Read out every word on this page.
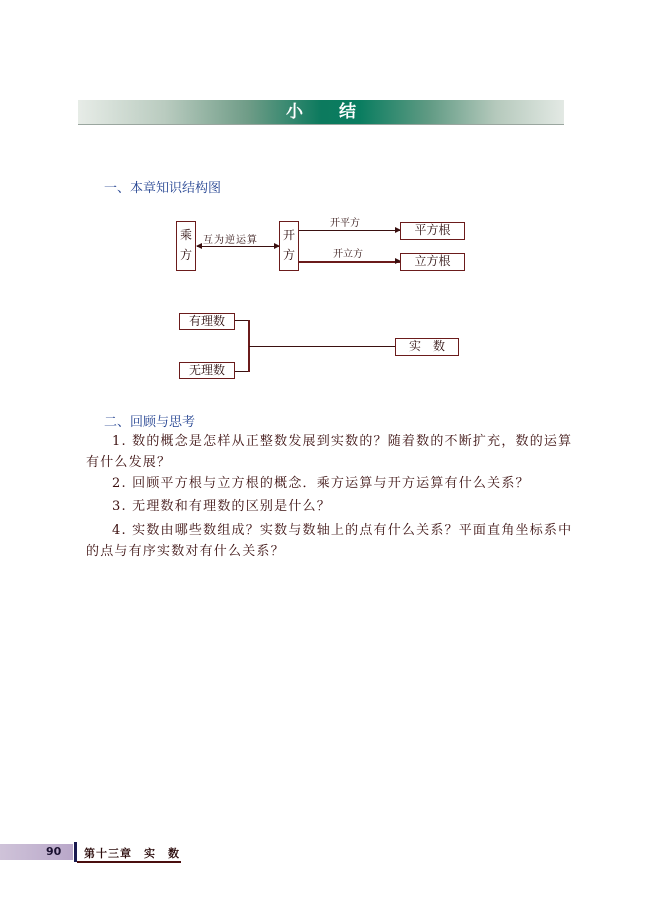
小结
一、本章知识结构图
乘
方
互为逆运算 开
方
开平方	平方根
开立方	立方根
有理数
无理数
实　数
二、回顾与思考
1. 数的概念是怎样从正整数发展到实数的？随着数的不断扩充，数的运算有什么发展？
2. 回顾平方根与立方根的概念．乘方运算与开方运算有什么关系？
3. 无理数和有理数的区别是什么？
4. 实数由哪些数组成？实数与数轴上的点有什么关系？平面直角坐标系中的点与有序实数对有什么关系？
90 第十三章　实　数
